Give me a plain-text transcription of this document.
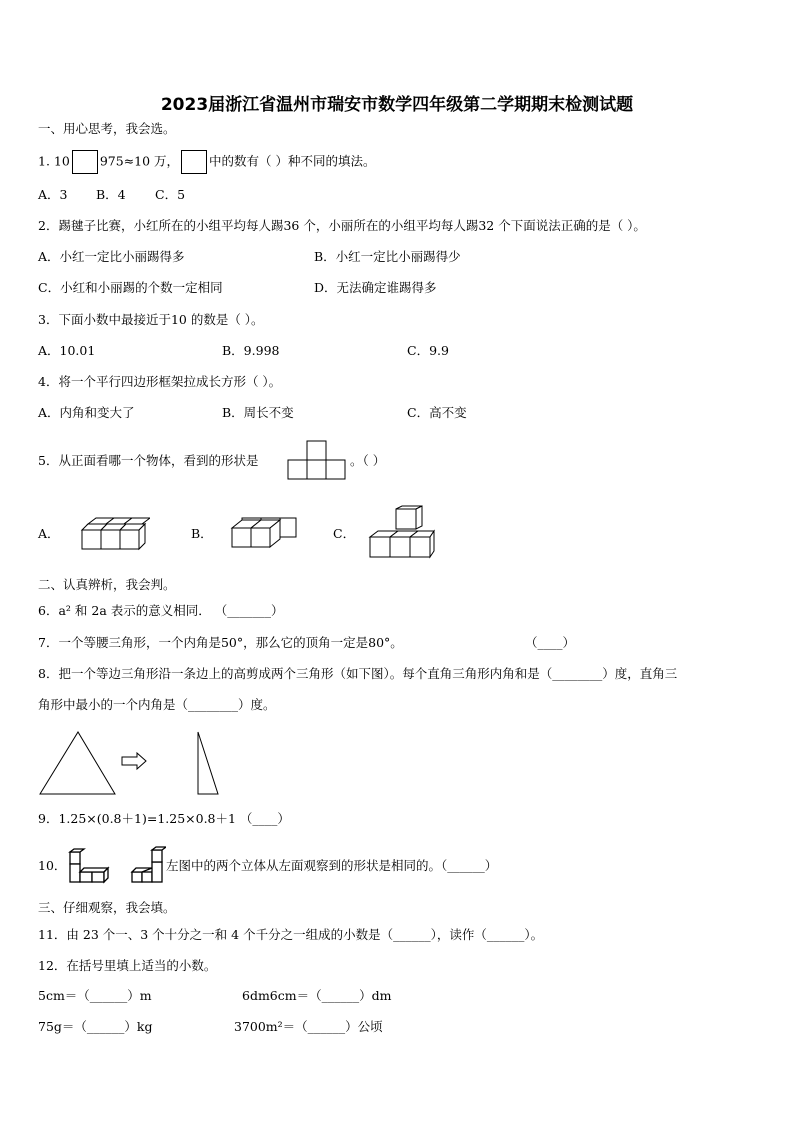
2023届浙江省温州市瑞安市数学四年级第二学期期末检测试题
一、用心思考，我会选。
1. 10 975≈10 万， 中的数有（ ）种不同的填法。
A．3 B．4 C．5
2．踢毽子比赛，小红所在的小组平均每人踢36 个，小丽所在的小组平均每人踢32 个下面说法正确的是（ ）。
A．小红一定比小丽踢得多	B．小红一定比小丽踢得少
C．小红和小丽踢的个数一定相同	D．无法确定谁踢得多
3．下面小数中最接近于10 的数是（ ）。
A．10.01	B．9.998	C．9.9
4．将一个平行四边形框架拉成长方形（ ）。
A．内角和变大了	B．周长不变	C．高不变
5．从正面看哪一个物体，看到的形状是	。（ ）
A．	B．	C．
二、认真辨析，我会判。
6．a² 和 2a 表示的意义相同． （_______）
7．一个等腰三角形，一个内角是50°，那么它的顶角一定是80°。	（____）
8．把一个等边三角形沿一条边上的高剪成两个三角形（如下图）。每个直角三角形内角和是（________）度，直角三
角形中最小的一个内角是（________）度。
9．1.25×(0.8＋1)=1.25×0.8＋1 （____）
10．	左图中的两个立体从左面观察到的形状是相同的。（______）
三、仔细观察，我会填。
11．由 23 个一、3 个十分之一和 4 个千分之一组成的小数是（______），读作（______）。
12．在括号里填上适当的小数。
5cm＝（______）m	6dm6cm＝（______）dm
75g＝（______）kg	3700m²＝（______）公顷
